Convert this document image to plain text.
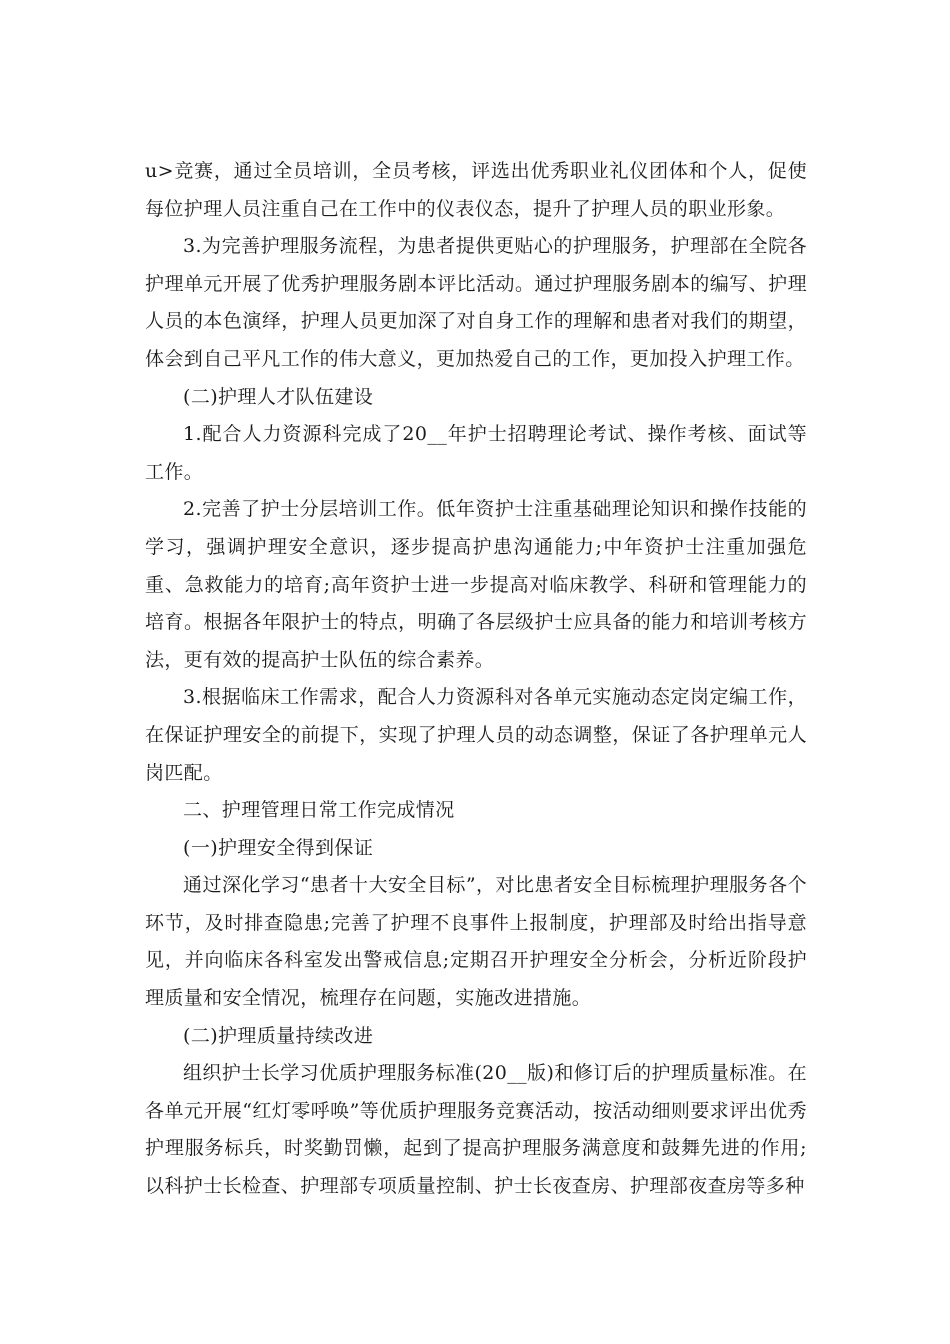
u>竞赛，通过全员培训，全员考核，评选出优秀职业礼仪团体和个人，促使每位护理人员注重自己在工作中的仪表仪态，提升了护理人员的职业形象。

3.为完善护理服务流程，为患者提供更贴心的护理服务，护理部在全院各护理单元开展了优秀护理服务剧本评比活动。通过护理服务剧本的编写、护理人员的本色演绎，护理人员更加深了对自身工作的理解和患者对我们的期望，体会到自己平凡工作的伟大意义，更加热爱自己的工作，更加投入护理工作。

(二)护理人才队伍建设

1.配合人力资源科完成了20__年护士招聘理论考试、操作考核、面试等工作。

2.完善了护士分层培训工作。低年资护士注重基础理论知识和操作技能的学习，强调护理安全意识，逐步提高护患沟通能力;中年资护士注重加强危重、急救能力的培育;高年资护士进一步提高对临床教学、科研和管理能力的培育。根据各年限护士的特点，明确了各层级护士应具备的能力和培训考核方法，更有效的提高护士队伍的综合素养。

3.根据临床工作需求，配合人力资源科对各单元实施动态定岗定编工作，在保证护理安全的前提下，实现了护理人员的动态调整，保证了各护理单元人岗匹配。

二、护理管理日常工作完成情况

(一)护理安全得到保证

通过深化学习“患者十大安全目标”，对比患者安全目标梳理护理服务各个环节，及时排查隐患;完善了护理不良事件上报制度，护理部及时给出指导意见，并向临床各科室发出警戒信息;定期召开护理安全分析会，分析近阶段护理质量和安全情况，梳理存在问题，实施改进措施。

(二)护理质量持续改进

组织护士长学习优质护理服务标准(20__版)和修订后的护理质量标准。在各单元开展“红灯零呼唤”等优质护理服务竞赛活动，按活动细则要求评出优秀护理服务标兵，时奖勤罚懒，起到了提高护理服务满意度和鼓舞先进的作用;以科护士长检查、护理部专项质量控制、护士长夜查房、护理部夜查房等多种
